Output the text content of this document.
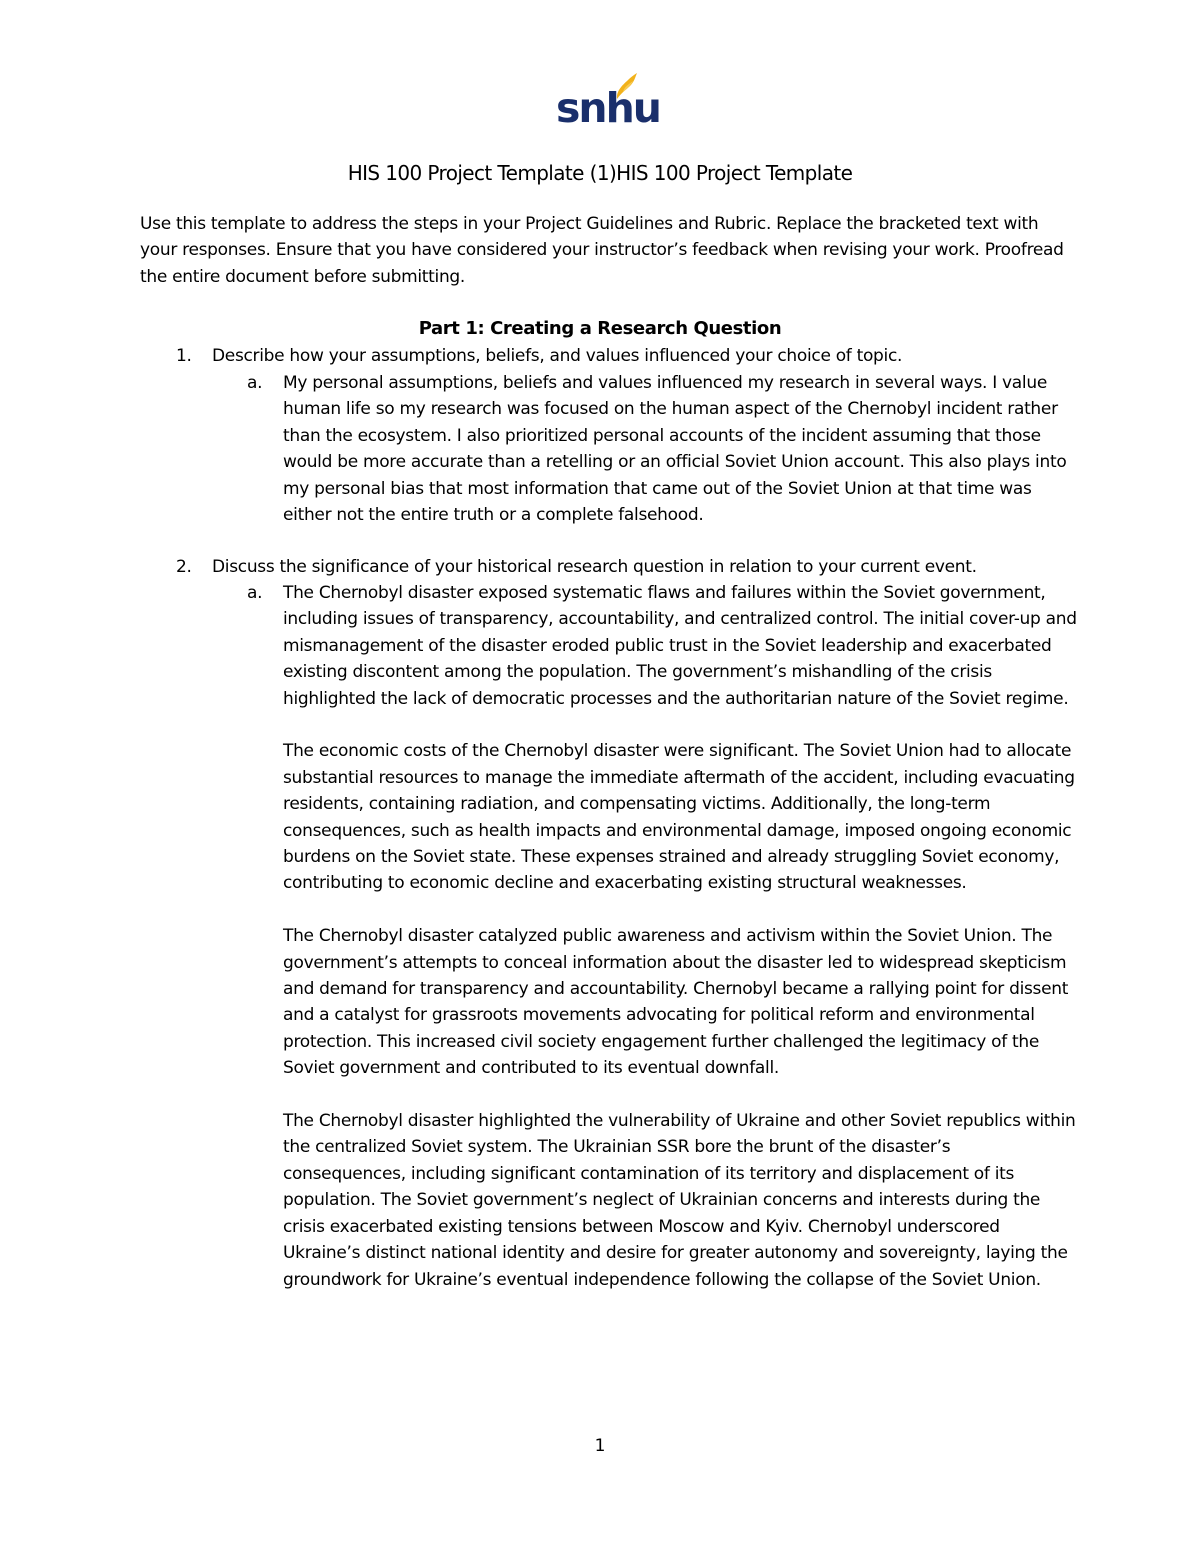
snhu
HIS 100 Project Template (1)HIS 100 Project Template
Use this template to address the steps in your Project Guidelines and Rubric. Replace the bracketed text with your responses. Ensure that you have considered your instructor’s feedback when revising your work. Proofread the entire document before submitting.
Part 1: Creating a Research Question
1. Describe how your assumptions, beliefs, and values influenced your choice of topic.
a. My personal assumptions, beliefs and values influenced my research in several ways. I value human life so my research was focused on the human aspect of the Chernobyl incident rather than the ecosystem. I also prioritized personal accounts of the incident assuming that those would be more accurate than a retelling or an official Soviet Union account. This also plays into my personal bias that most information that came out of the Soviet Union at that time was either not the entire truth or a complete falsehood.

2. Discuss the significance of your historical research question in relation to your current event.
a. The Chernobyl disaster exposed systematic flaws and failures within the Soviet government, including issues of transparency, accountability, and centralized control. The initial cover-up and mismanagement of the disaster eroded public trust in the Soviet leadership and exacerbated existing discontent among the population. The government’s mishandling of the crisis highlighted the lack of democratic processes and the authoritarian nature of the Soviet regime.

The economic costs of the Chernobyl disaster were significant. The Soviet Union had to allocate substantial resources to manage the immediate aftermath of the accident, including evacuating residents, containing radiation, and compensating victims. Additionally, the long-term consequences, such as health impacts and environmental damage, imposed ongoing economic burdens on the Soviet state. These expenses strained and already struggling Soviet economy, contributing to economic decline and exacerbating existing structural weaknesses.

The Chernobyl disaster catalyzed public awareness and activism within the Soviet Union. The government’s attempts to conceal information about the disaster led to widespread skepticism and demand for transparency and accountability. Chernobyl became a rallying point for dissent and a catalyst for grassroots movements advocating for political reform and environmental protection. This increased civil society engagement further challenged the legitimacy of the Soviet government and contributed to its eventual downfall.

The Chernobyl disaster highlighted the vulnerability of Ukraine and other Soviet republics within the centralized Soviet system. The Ukrainian SSR bore the brunt of the disaster’s consequences, including significant contamination of its territory and displacement of its population. The Soviet government’s neglect of Ukrainian concerns and interests during the crisis exacerbated existing tensions between Moscow and Kyiv. Chernobyl underscored Ukraine’s distinct national identity and desire for greater autonomy and sovereignty, laying the groundwork for Ukraine’s eventual independence following the collapse of the Soviet Union.

1
